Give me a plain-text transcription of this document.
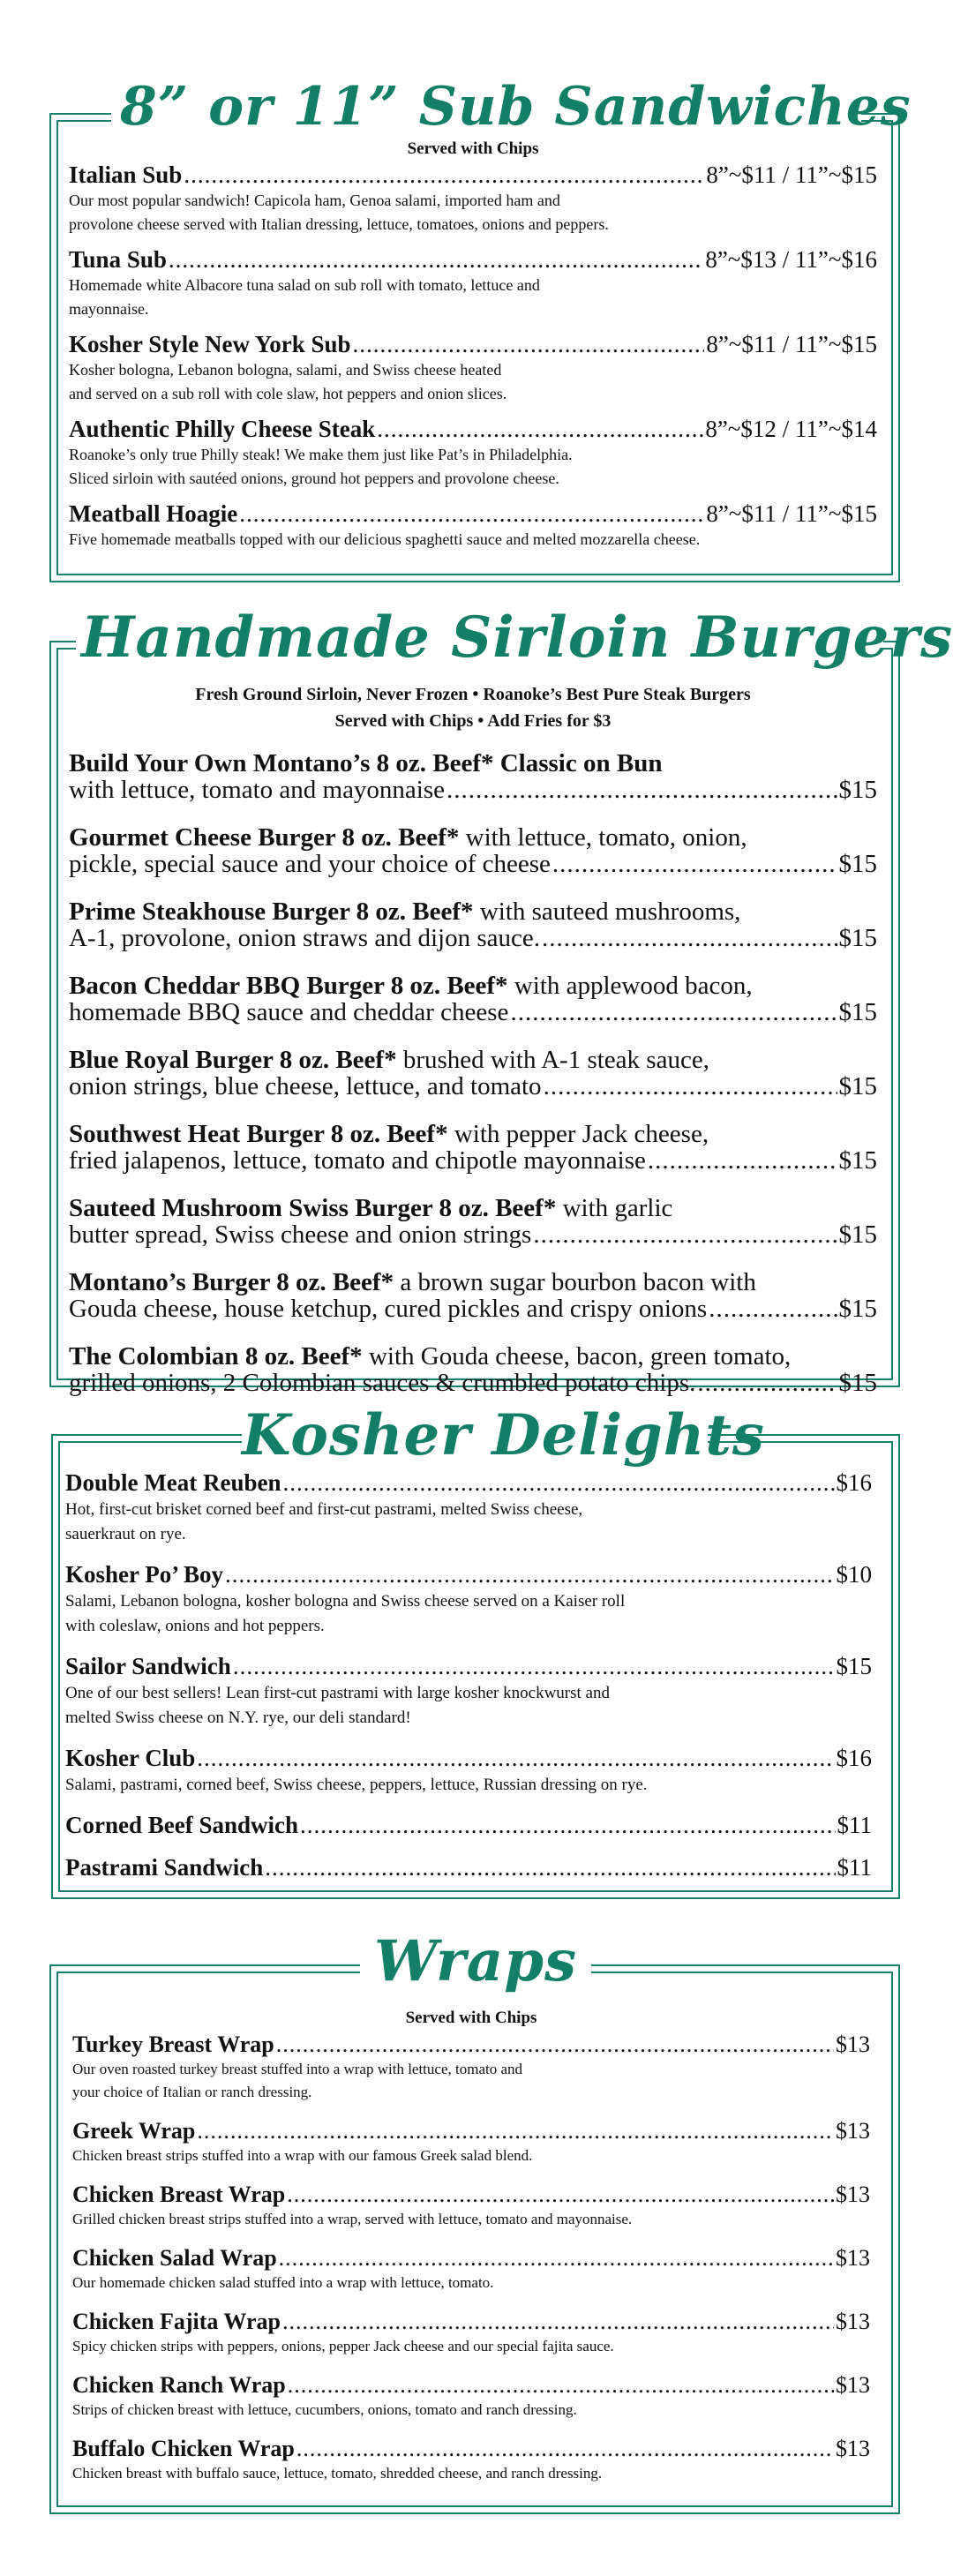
8” or 11” Sub Sandwiches
Served with Chips
Italian Sub .....	8”~$11 / 11”~$15
Our most popular sandwich! Capicola ham, Genoa salami, imported ham and
provolone cheese served with Italian dressing, lettuce, tomatoes, onions and peppers.
Tuna Sub .....	8”~$13 / 11”~$16
Homemade white Albacore tuna salad on sub roll with tomato, lettuce and
mayonnaise.
Kosher Style New York Sub .....	8”~$11 / 11”~$15
Kosher bologna, Lebanon bologna, salami, and Swiss cheese heated
and served on a sub roll with cole slaw, hot peppers and onion slices.
Authentic Philly Cheese Steak .....	8”~$12 / 11”~$14
Roanoke’s only true Philly steak! We make them just like Pat’s in Philadelphia.
Sliced sirloin with sautéed onions, ground hot peppers and provolone cheese.
Meatball Hoagie .....	8”~$11 / 11”~$15
Five homemade meatballs topped with our delicious spaghetti sauce and melted mozzarella cheese.
Handmade Sirloin Burgers
Fresh Ground Sirloin, Never Frozen • Roanoke’s Best Pure Steak Burgers
Served with Chips • Add Fries for $3
Build Your Own Montano’s 8 oz. Beef* Classic on Bun
with lettuce, tomato and mayonnaise .....	$15
Gourmet Cheese Burger 8 oz. Beef* with lettuce, tomato, onion,
pickle, special sauce and your choice of cheese .....	$15
Prime Steakhouse Burger 8 oz. Beef* with sauteed mushrooms,
A-1, provolone, onion straws and dijon sauce. .....	$15
Bacon Cheddar BBQ Burger 8 oz. Beef* with applewood bacon,
homemade BBQ sauce and cheddar cheese .....	$15
Blue Royal Burger 8 oz. Beef* brushed with A-1 steak sauce,
onion strings, blue cheese, lettuce, and tomato .....	$15
Southwest Heat Burger 8 oz. Beef* with pepper Jack cheese,
fried jalapenos, lettuce, tomato and chipotle mayonnaise .....	$15
Sauteed Mushroom Swiss Burger 8 oz. Beef* with garlic
butter spread, Swiss cheese and onion strings .....	$15
Montano’s Burger 8 oz. Beef* a brown sugar bourbon bacon with
Gouda cheese, house ketchup, cured pickles and crispy onions .....	$15
The Colombian 8 oz. Beef* with Gouda cheese, bacon, green tomato,
grilled onions, 2 Colombian sauces & crumbled potato chips. .....	$15
Kosher Delights
Double Meat Reuben .....	$16
Hot, first-cut brisket corned beef and first-cut pastrami, melted Swiss cheese,
sauerkraut on rye.
Kosher Po’ Boy .....	$10
Salami, Lebanon bologna, kosher bologna and Swiss cheese served on a Kaiser roll
with coleslaw, onions and hot peppers.
Sailor Sandwich .....	$15
One of our best sellers! Lean first-cut pastrami with large kosher knockwurst and
melted Swiss cheese on N.Y. rye, our deli standard!
Kosher Club .....	$16
Salami, pastrami, corned beef, Swiss cheese, peppers, lettuce, Russian dressing on rye.
Corned Beef Sandwich .....	$11
Pastrami Sandwich .....	$11
Wraps
Served with Chips
Turkey Breast Wrap .....	$13
Our oven roasted turkey breast stuffed into a wrap with lettuce, tomato and
your choice of Italian or ranch dressing.
Greek Wrap .....	$13
Chicken breast strips stuffed into a wrap with our famous Greek salad blend.
Chicken Breast Wrap .....	$13
Grilled chicken breast strips stuffed into a wrap, served with lettuce, tomato and mayonnaise.
Chicken Salad Wrap .....	$13
Our homemade chicken salad stuffed into a wrap with lettuce, tomato.
Chicken Fajita Wrap .....	$13
Spicy chicken strips with peppers, onions, pepper Jack cheese and our special fajita sauce.
Chicken Ranch Wrap .....	$13
Strips of chicken breast with lettuce, cucumbers, onions, tomato and ranch dressing.
Buffalo Chicken Wrap .....	$13
Chicken breast with buffalo sauce, lettuce, tomato, shredded cheese, and ranch dressing.
